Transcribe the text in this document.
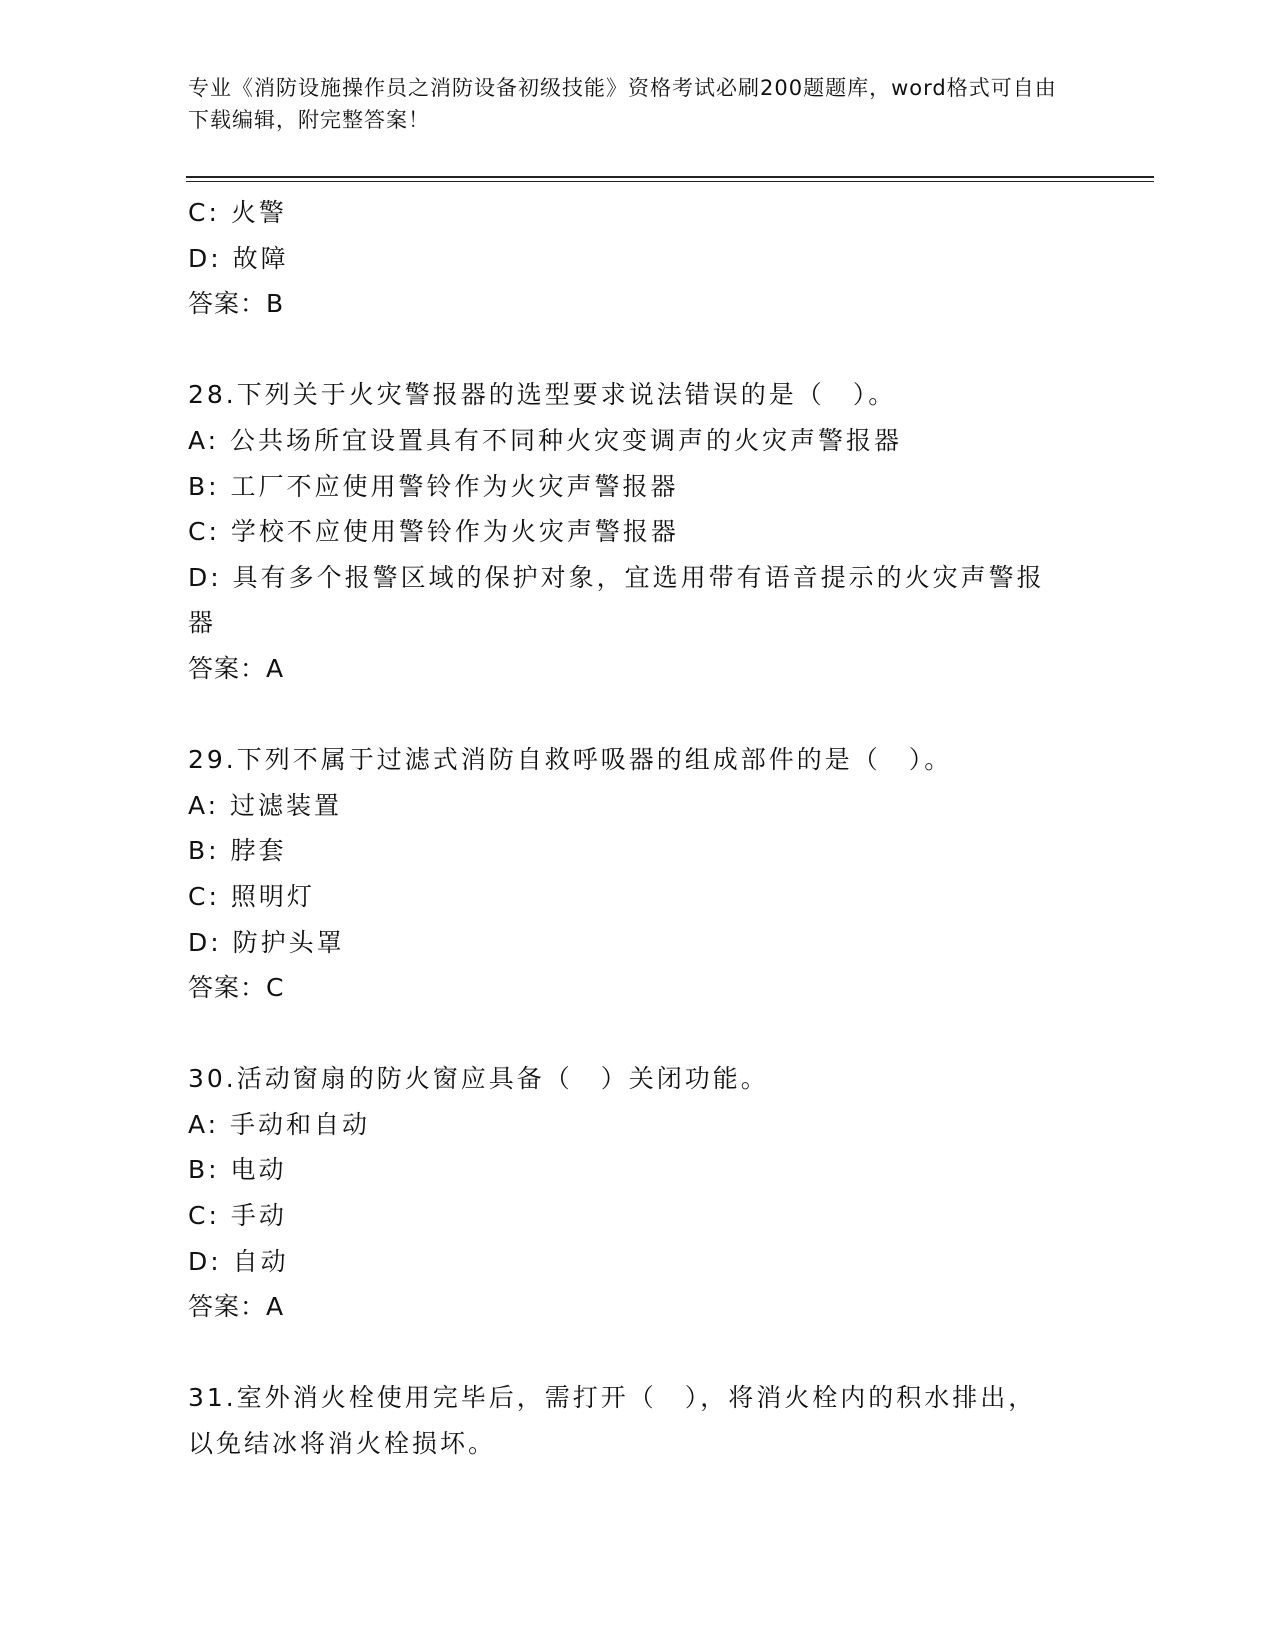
专业《消防设施操作员之消防设备初级技能》资格考试必刷200题题库，word格式可自由下载编辑，附完整答案！
C: 火警
D: 故障
答案：B
28.下列关于火灾警报器的选型要求说法错误的是（　）。
A: 公共场所宜设置具有不同种火灾变调声的火灾声警报器
B: 工厂不应使用警铃作为火灾声警报器
C: 学校不应使用警铃作为火灾声警报器
D: 具有多个报警区域的保护对象，宜选用带有语音提示的火灾声警报器
答案：A
29.下列不属于过滤式消防自救呼吸器的组成部件的是（　）。
A: 过滤装置
B: 脖套
C: 照明灯
D: 防护头罩
答案：C
30.活动窗扇的防火窗应具备（　）关闭功能。
A: 手动和自动
B: 电动
C: 手动
D: 自动
答案：A
31.室外消火栓使用完毕后，需打开（　），将消火栓内的积水排出，以免结冰将消火栓损坏。
